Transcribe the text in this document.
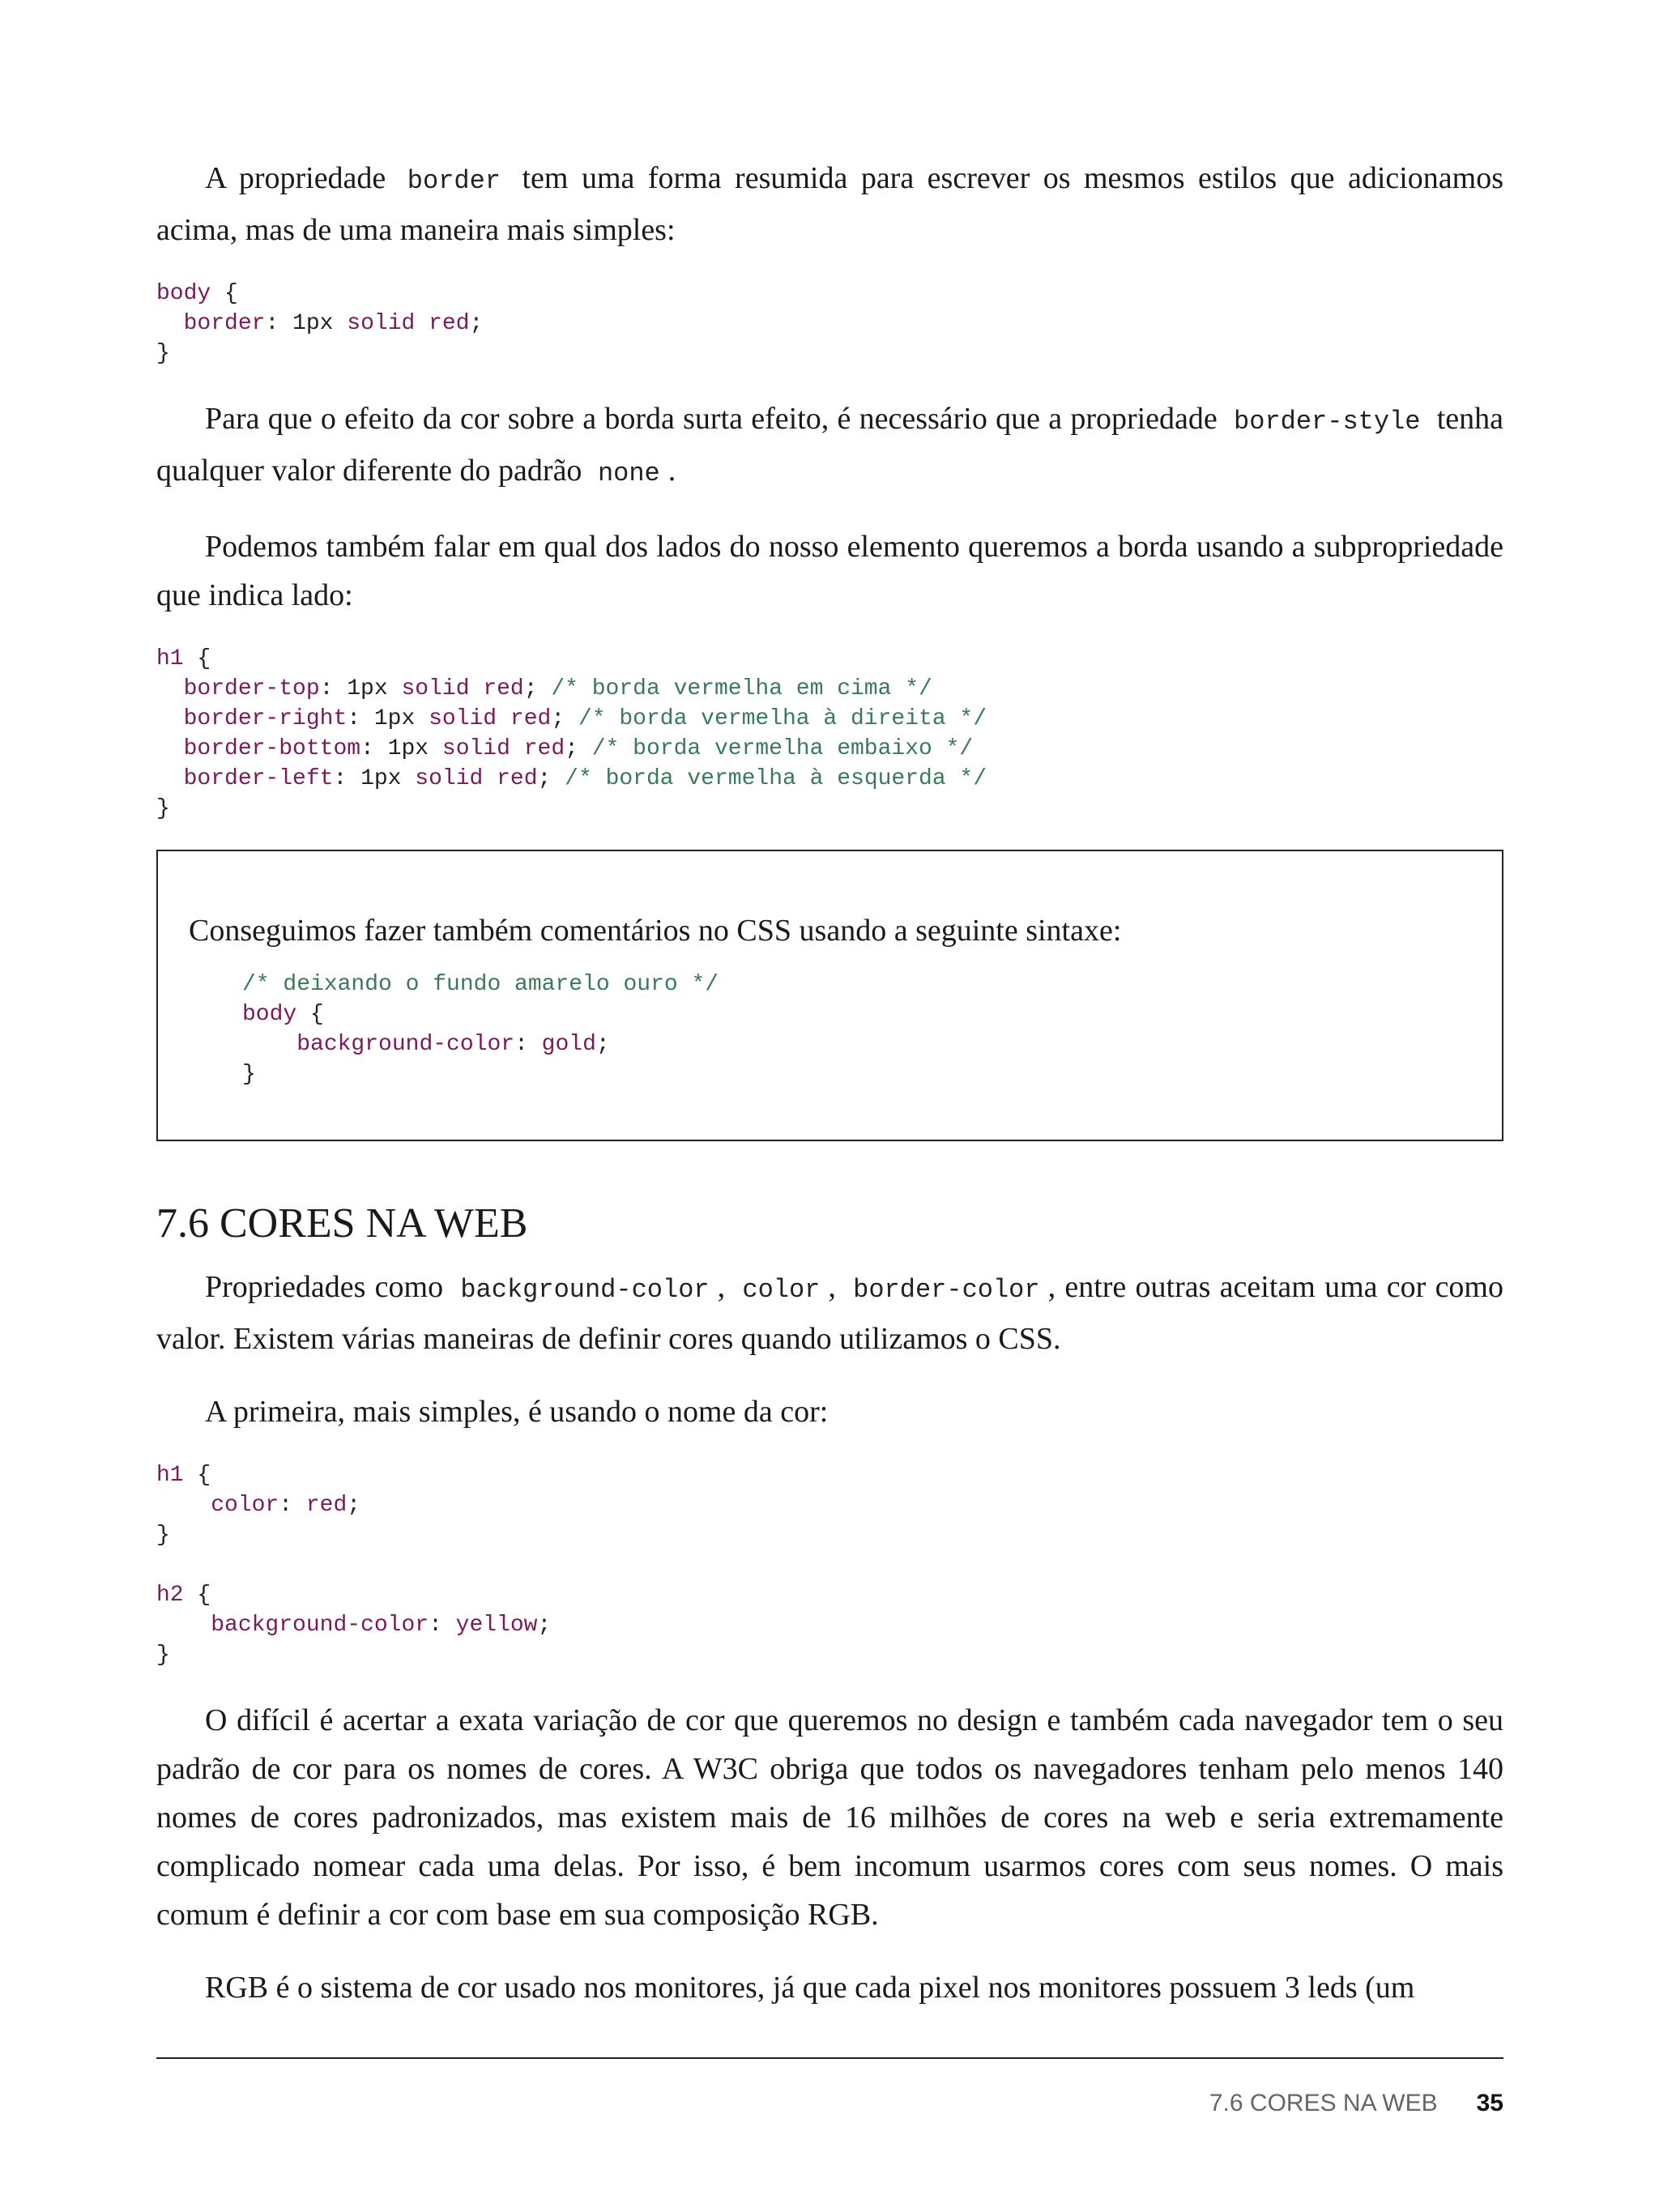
A propriedade border tem uma forma resumida para escrever os mesmos estilos que adicionamos acima, mas de uma maneira mais simples:

body {
border: 1px solid red;
}

Para que o efeito da cor sobre a borda surta efeito, é necessário que a propriedade border-style tenha qualquer valor diferente do padrão none .

Podemos também falar em qual dos lados do nosso elemento queremos a borda usando a subpropriedade que indica lado:

h1 {
border-top: 1px solid red; /* borda vermelha em cima */
border-right: 1px solid red; /* borda vermelha à direita */
border-bottom: 1px solid red; /* borda vermelha embaixo */
border-left: 1px solid red; /* borda vermelha à esquerda */
}

Conseguimos fazer também comentários no CSS usando a seguinte sintaxe:

/* deixando o fundo amarelo ouro */
body {
background-color: gold;
}
7.6 CORES NA WEB

Propriedades como background-color , color , border-color , entre outras aceitam uma cor como valor. Existem várias maneiras de definir cores quando utilizamos o CSS.

A primeira, mais simples, é usando o nome da cor:

h1 {
color: red;
}

h2 {
background-color: yellow;
}

O difícil é acertar a exata variação de cor que queremos no design e também cada navegador tem o seu padrão de cor para os nomes de cores. A W3C obriga que todos os navegadores tenham pelo menos 140 nomes de cores padronizados, mas existem mais de 16 milhões de cores na web e seria extremamente complicado nomear cada uma delas. Por isso, é bem incomum usarmos cores com seus nomes. O mais comum é definir a cor com base em sua composição RGB.

RGB é o sistema de cor usado nos monitores, já que cada pixel nos monitores possuem 3 leds (um

7.6 CORES NA WEB 35
